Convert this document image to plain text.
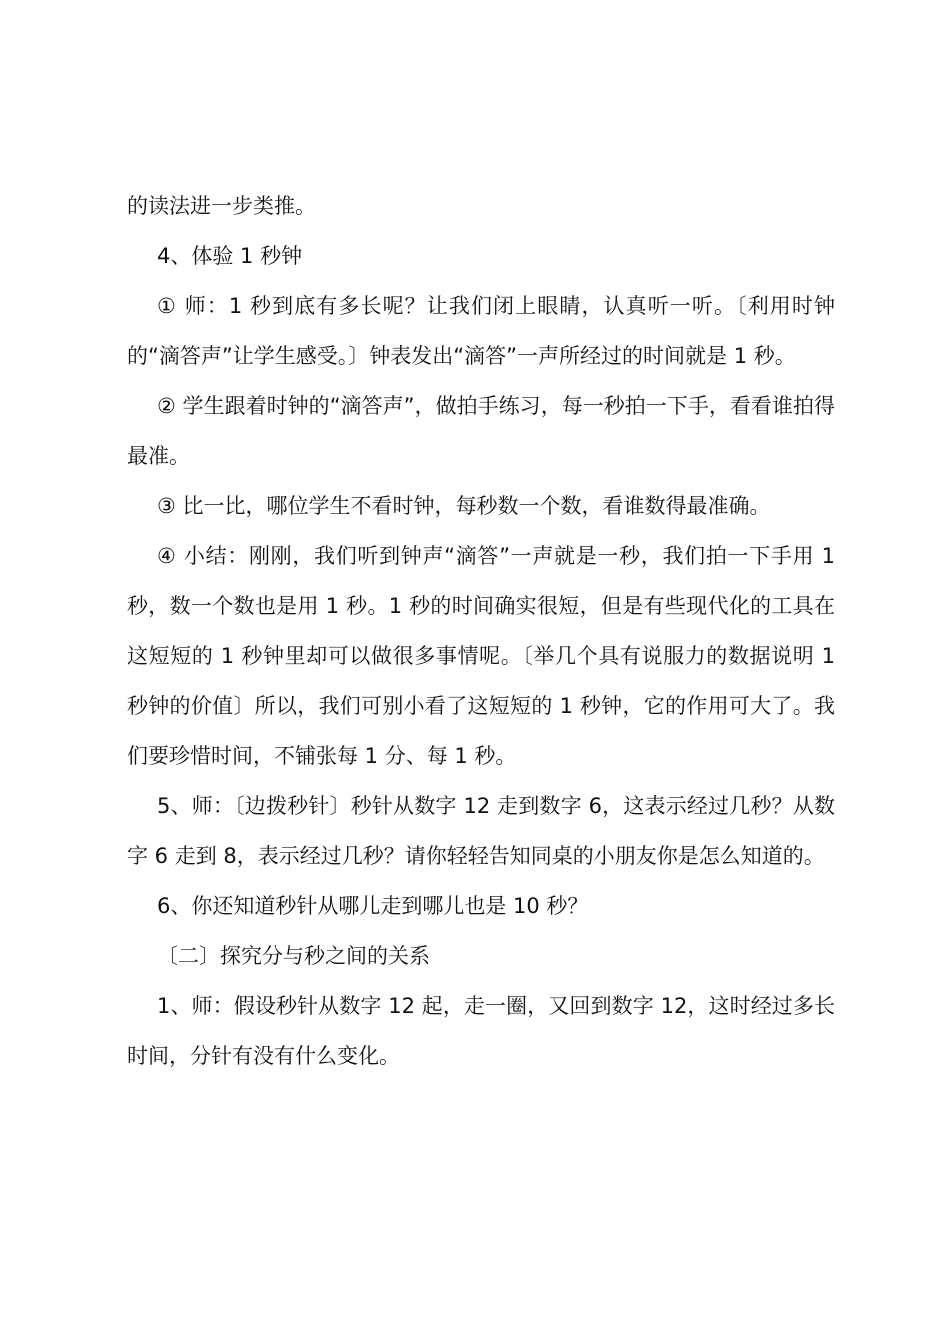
的读法进一步类推。

4、体验 1 秒钟

① 师：1 秒到底有多长呢？让我们闭上眼睛，认真听一听。〔利用时钟的“滴答声”让学生感受。〕钟表发出“滴答”一声所经过的时间就是 1 秒。

② 学生跟着时钟的“滴答声”，做拍手练习，每一秒拍一下手，看看谁拍得最准。

③ 比一比，哪位学生不看时钟，每秒数一个数，看谁数得最准确。

④ 小结：刚刚，我们听到钟声“滴答”一声就是一秒，我们拍一下手用 1 秒，数一个数也是用 1 秒。1 秒的时间确实很短，但是有些现代化的工具在这短短的 1 秒钟里却可以做很多事情呢。〔举几个具有说服力的数据说明 1 秒钟的价值〕所以，我们可别小看了这短短的 1 秒钟，它的作用可大了。我们要珍惜时间，不铺张每 1 分、每 1 秒。

5、师：〔边拨秒针〕秒针从数字 12 走到数字 6，这表示经过几秒？从数字 6 走到 8，表示经过几秒？请你轻轻告知同桌的小朋友你是怎么知道的。

6、你还知道秒针从哪儿走到哪儿也是 10 秒？

〔二〕探究分与秒之间的关系

1、师：假设秒针从数字 12 起，走一圈，又回到数字 12，这时经过多长时间，分针有没有什么变化。
